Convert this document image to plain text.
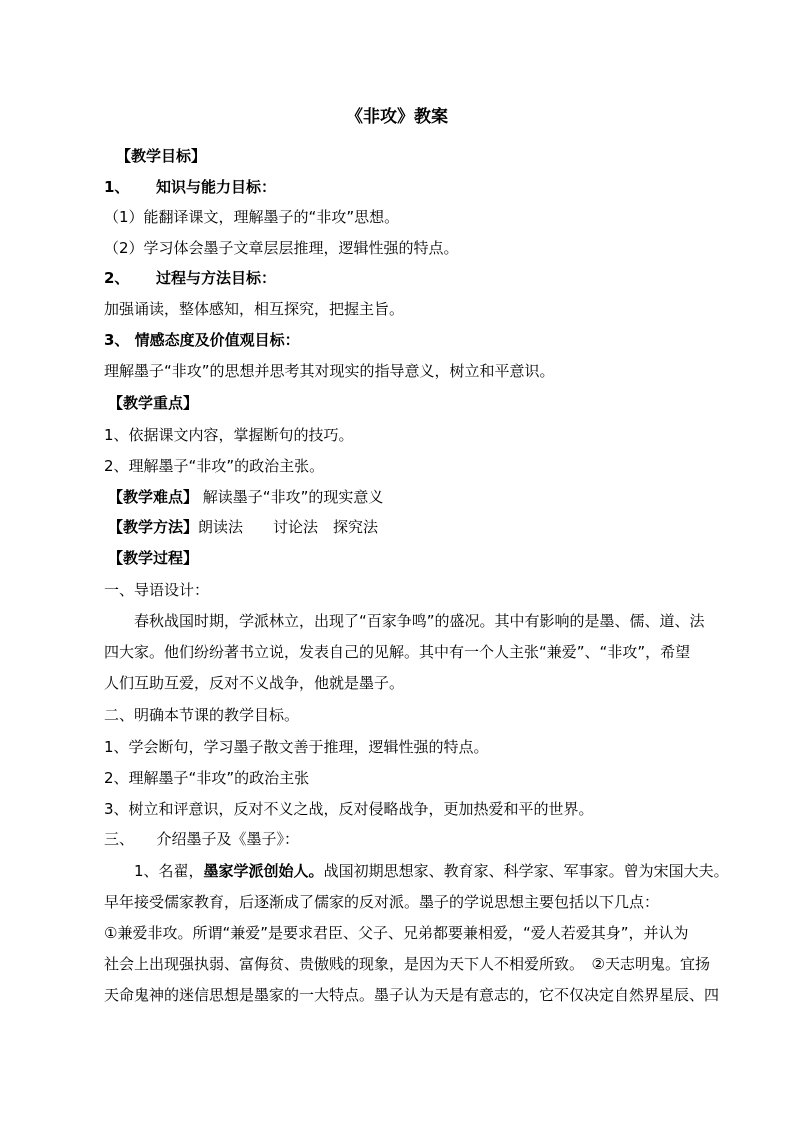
《非攻》教案
【教学目标】
1、 知识与能力目标：
（1）能翻译课文，理解墨子的“非攻”思想。
（2）学习体会墨子文章层层推理，逻辑性强的特点。
2、 过程与方法目标：
加强诵读，整体感知，相互探究，把握主旨。
3、 情感态度及价值观目标：
理解墨子“非攻”的思想并思考其对现实的指导意义，树立和平意识。
【教学重点】
1、依据课文内容，掌握断句的技巧。
2、理解墨子“非攻”的政治主张。
【教学难点】 解读墨子“非攻”的现实意义
【教学方法】朗读法　　讨论法　探究法
【教学过程】
一、导语设计：
　　春秋战国时期，学派林立，出现了“百家争鸣”的盛况。其中有影响的是墨、儒、道、法
四大家。他们纷纷著书立说，发表自己的见解。其中有一个人主张“兼爱”、“非攻”，希望
人们互助互爱，反对不义战争，他就是墨子。
二、明确本节课的教学目标。
1、学会断句，学习墨子散文善于推理，逻辑性强的特点。
2、理解墨子“非攻”的政治主张
3、树立和评意识，反对不义之战，反对侵略战争，更加热爱和平的世界。
三、　　介绍墨子及《墨子》：
　　1、名翟，墨家学派创始人。战国初期思想家、教育家、科学家、军事家。曾为宋国大夫。
早年接受儒家教育，后逐渐成了儒家的反对派。墨子的学说思想主要包括以下几点：
①兼爱非攻。所谓“兼爱”是要求君臣、父子、兄弟都要兼相爱，“爱人若爱其身”，并认为
社会上出现强执弱、富侮贫、贵傲贱的现象，是因为天下人不相爱所致。　②天志明鬼。宜扬
天命鬼神的迷信思想是墨家的一大特点。墨子认为天是有意志的，它不仅决定自然界星辰、四
